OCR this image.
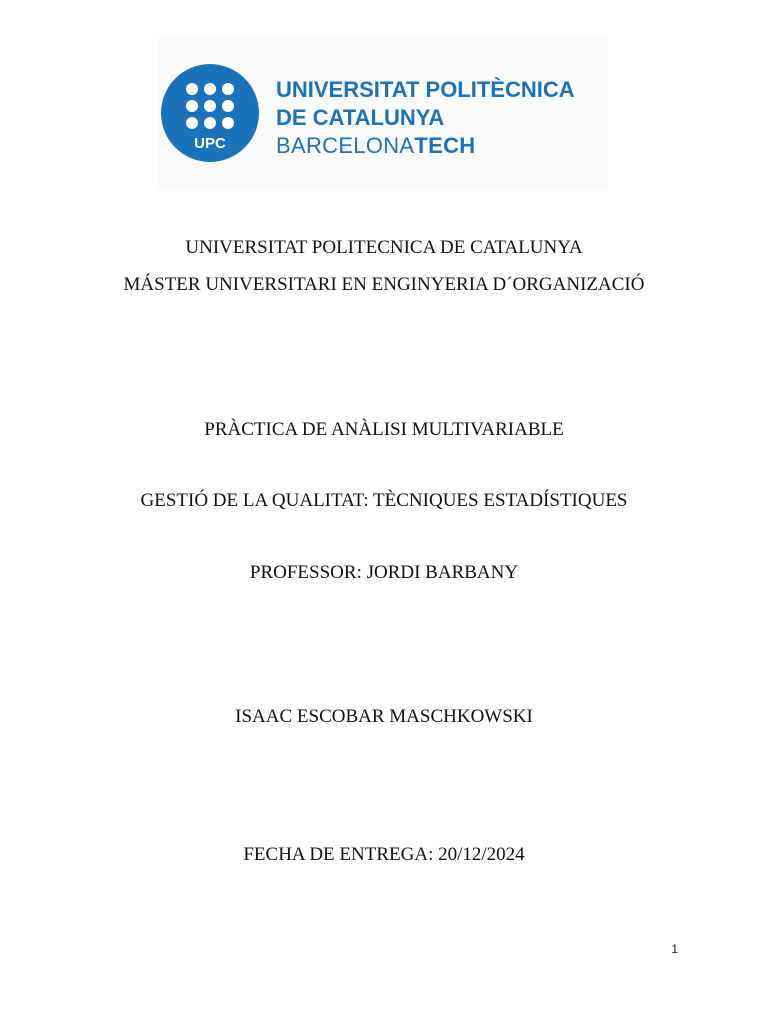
UPC
UNIVERSITAT POLITÈCNICA
DE CATALUNYA
BARCELONATECH
UNIVERSITAT POLITECNICA DE CATALUNYA
MÁSTER UNIVERSITARI EN ENGINYERIA D´ORGANIZACIÓ
PRÀCTICA DE ANÀLISI MULTIVARIABLE
GESTIÓ DE LA QUALITAT: TÈCNIQUES ESTADÍSTIQUES
PROFESSOR: JORDI BARBANY
ISAAC ESCOBAR MASCHKOWSKI
FECHA DE ENTREGA: 20/12/2024
1
